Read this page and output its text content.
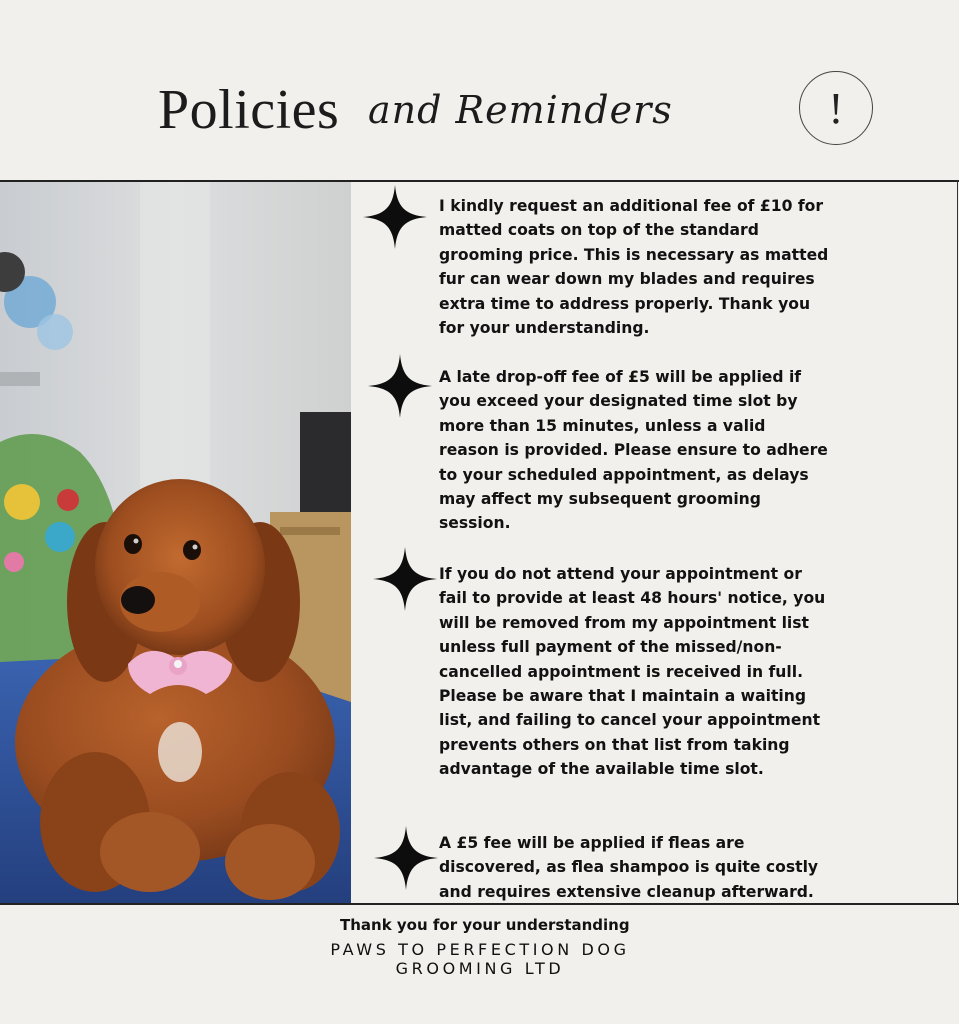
Policies and Reminders	!
I kindly request an additional fee of £10 for matted coats on top of the standard grooming price. This is necessary as matted fur can wear down my blades and requires extra time to address properly. Thank you for your understanding.
A late drop-off fee of £5 will be applied if you exceed your designated time slot by more than 15 minutes, unless a valid reason is provided. Please ensure to adhere to your scheduled appointment, as delays may affect my subsequent grooming session.
If you do not attend your appointment or fail to provide at least 48 hours' notice, you will be removed from my appointment list unless full payment of the missed/non-cancelled appointment is received in full. Please be aware that I maintain a waiting list, and failing to cancel your appointment prevents others on that list from taking advantage of the available time slot.
A £5 fee will be applied if fleas are discovered, as flea shampoo is quite costly and requires extensive cleanup afterward.
Thank you for your understanding
PAWS TO PERFECTION DOG GROOMING LTD
